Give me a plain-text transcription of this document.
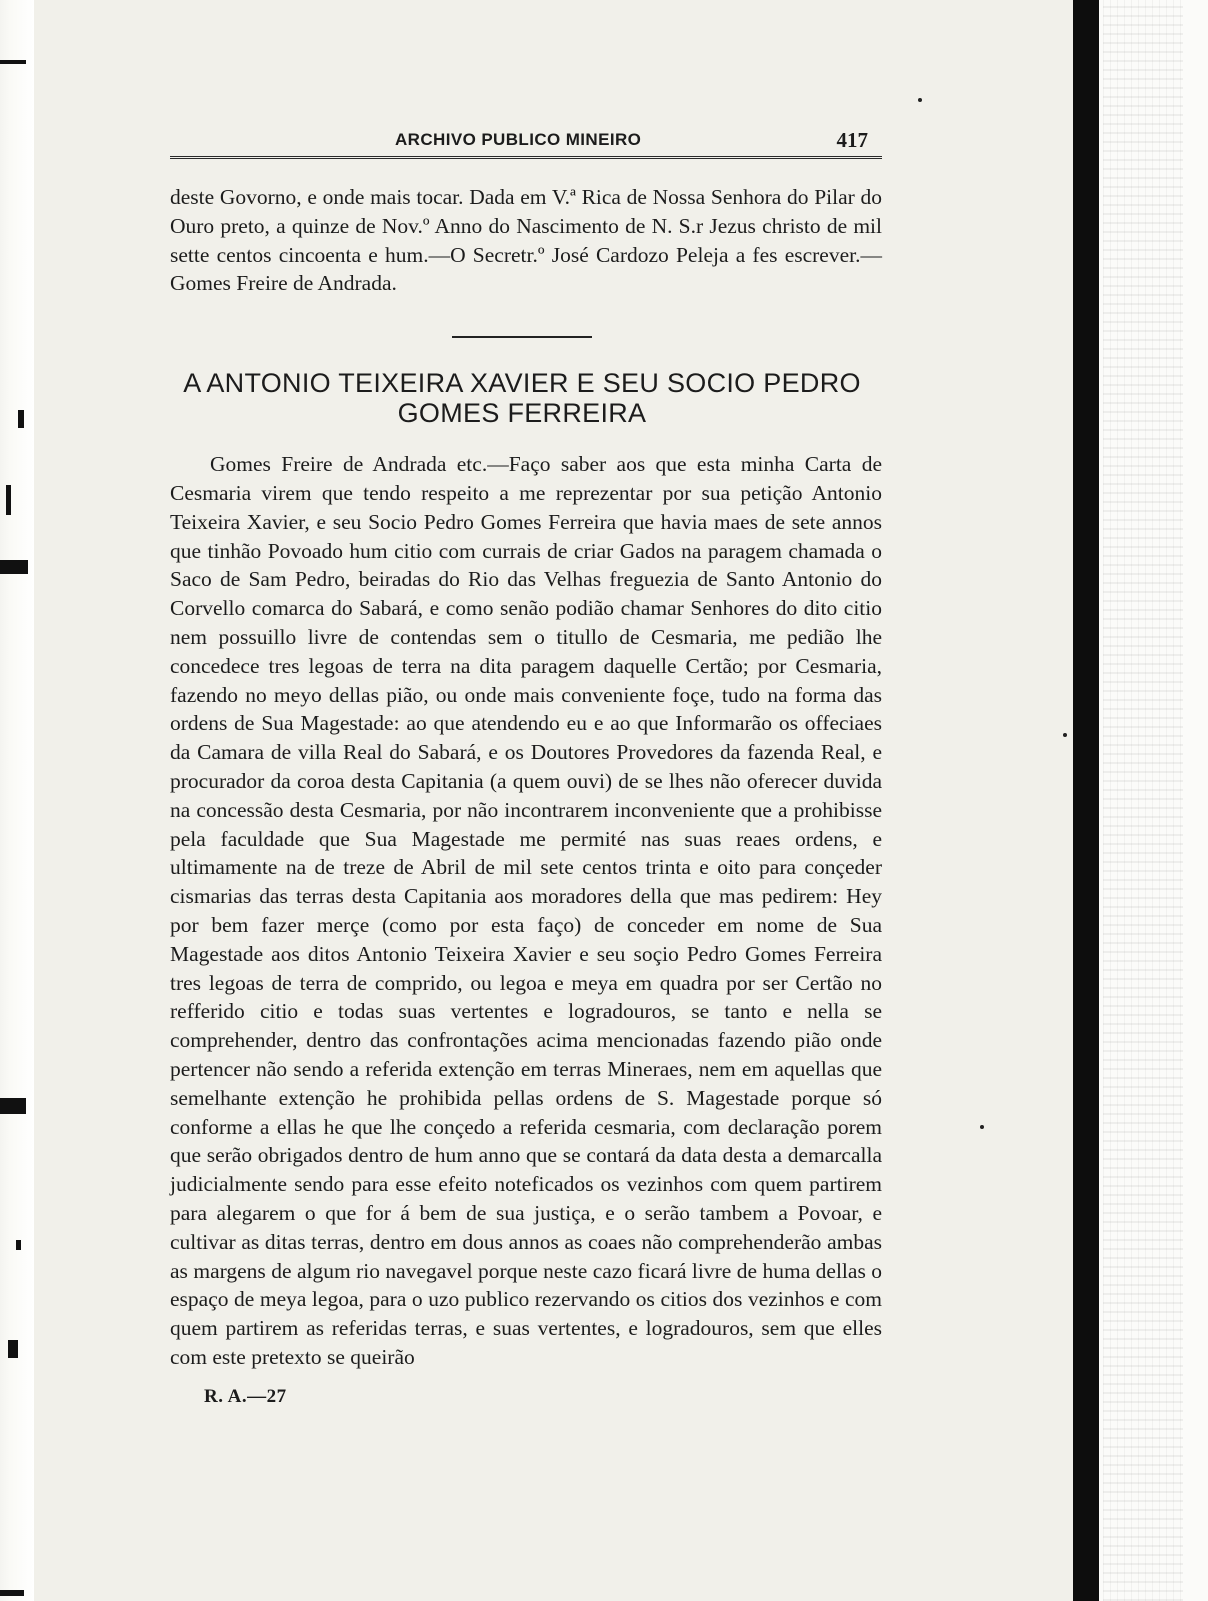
ARCHIVO PUBLICO MINEIRO	417

deste Govorno, e onde mais tocar. Dada em V.ª Rica de Nossa Senhora do Pilar do Ouro preto, a quinze de Nov.º Anno do Nascimento de N. S.r Jezus christo de mil sette centos cincoenta e hum.—O Secretr.º José Cardozo Peleja a fes escrever.—Gomes Freire de Andrada.

A ANTONIO TEIXEIRA XAVIER E SEU SOCIO PEDRO
GOMES FERREIRA

Gomes Freire de Andrada etc.—Faço saber aos que esta minha Carta de Cesmaria virem que tendo respeito a me reprezentar por sua petição Antonio Teixeira Xavier, e seu Socio Pedro Gomes Ferreira que havia maes de sete annos que tinhão Povoado hum citio com currais de criar Gados na paragem chamada o Saco de Sam Pedro, beiradas do Rio das Velhas freguezia de Santo Antonio do Corvello comarca do Sabará, e como senão podião chamar Senhores do dito citio nem possuillo livre de contendas sem o titullo de Cesmaria, me pedião lhe concedece tres legoas de terra na dita paragem daquelle Certão; por Cesmaria, fazendo no meyo dellas pião, ou onde mais conveniente foçe, tudo na forma das ordens de Sua Magestade: ao que atendendo eu e ao que Informarão os offeciaes da Camara de villa Real do Sabará, e os Doutores Provedores da fazenda Real, e procurador da coroa desta Capitania (a quem ouvi) de se lhes não oferecer duvida na concessão desta Cesmaria, por não incontrarem inconveniente que a prohibisse pela faculdade que Sua Magestade me permité nas suas reaes ordens, e ultimamente na de treze de Abril de mil sete centos trinta e oito para conçeder cismarias das terras desta Capitania aos moradores della que mas pedirem: Hey por bem fazer merçe (como por esta faço) de conceder em nome de Sua Magestade aos ditos Antonio Teixeira Xavier e seu soçio Pedro Gomes Ferreira tres legoas de terra de comprido, ou legoa e meya em quadra por ser Certão no refferido citio e todas suas vertentes e logradouros, se tanto e nella se comprehender, dentro das confrontações acima mencionadas fazendo pião onde pertencer não sendo a referida extenção em terras Mineraes, nem em aquellas que semelhante extenção he prohibida pellas ordens de S. Magestade porque só conforme a ellas he que lhe conçedo a referida cesmaria, com declaração porem que serão obrigados dentro de hum anno que se contará da data desta a demarcalla judicialmente sendo para esse efeito noteficados os vezinhos com quem partirem para alegarem o que for á bem de sua justiça, e o serão tambem a Povoar, e cultivar as ditas terras, dentro em dous annos as coaes não comprehenderão ambas as margens de algum rio navegavel porque neste cazo ficará livre de huma dellas o espaço de meya legoa, para o uzo publico rezervando os citios dos vezinhos e com quem partirem as referidas terras, e suas vertentes, e logradouros, sem que elles com este pretexto se queirão

R. A.—27
